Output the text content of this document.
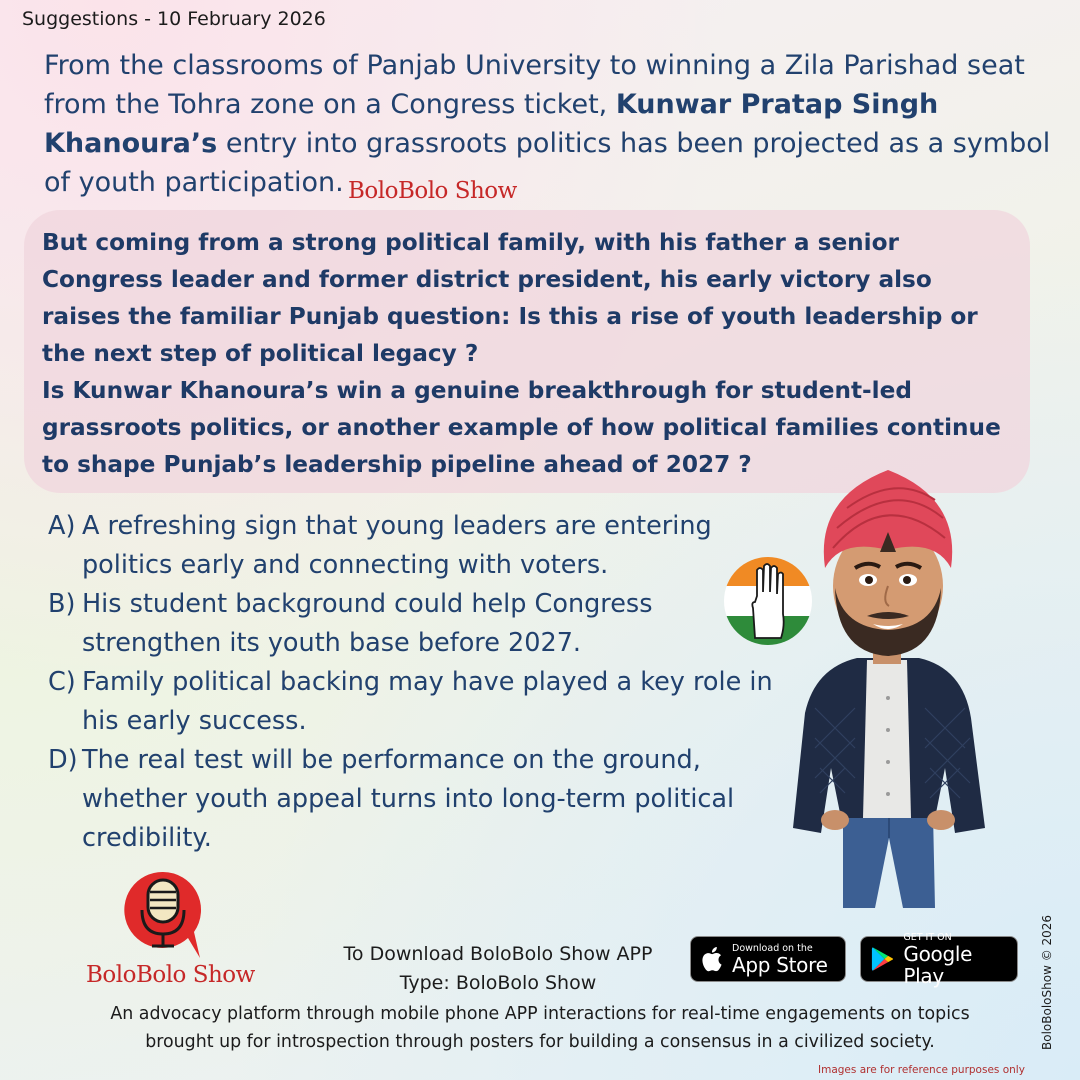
Suggestions - 10 February 2026
From the classrooms of Panjab University to winning a Zila Parishad seat from the Tohra zone on a Congress ticket, Kunwar Pratap Singh Khanoura’s entry into grassroots politics has been projected as a symbol of youth participation. BoloBolo Show
But coming from a strong political family, with his father a senior Congress leader and former district president, his early victory also raises the familiar Punjab question: Is this a rise of youth leadership or the next step of political legacy ?
Is Kunwar Khanoura’s win a genuine breakthrough for student-led grassroots politics, or another example of how political families continue to shape Punjab’s leadership pipeline ahead of 2027 ?
A) A refreshing sign that young leaders are entering politics early and connecting with voters.
B) His student background could help Congress strengthen its youth base before 2027.
C) Family political backing may have played a key role in his early success.
D) The real test will be performance on the ground, whether youth appeal turns into long-term political credibility.
BoloBolo Show
To Download BoloBolo Show APP
Type: BoloBolo Show
Download on the
App Store
GET IT ON
Google Play
An advocacy platform through mobile phone APP interactions for real-time engagements on topics
brought up for introspection through posters for building a consensus in a civilized society.	BoloBoloShow © 2026
Images are for reference purposes only
